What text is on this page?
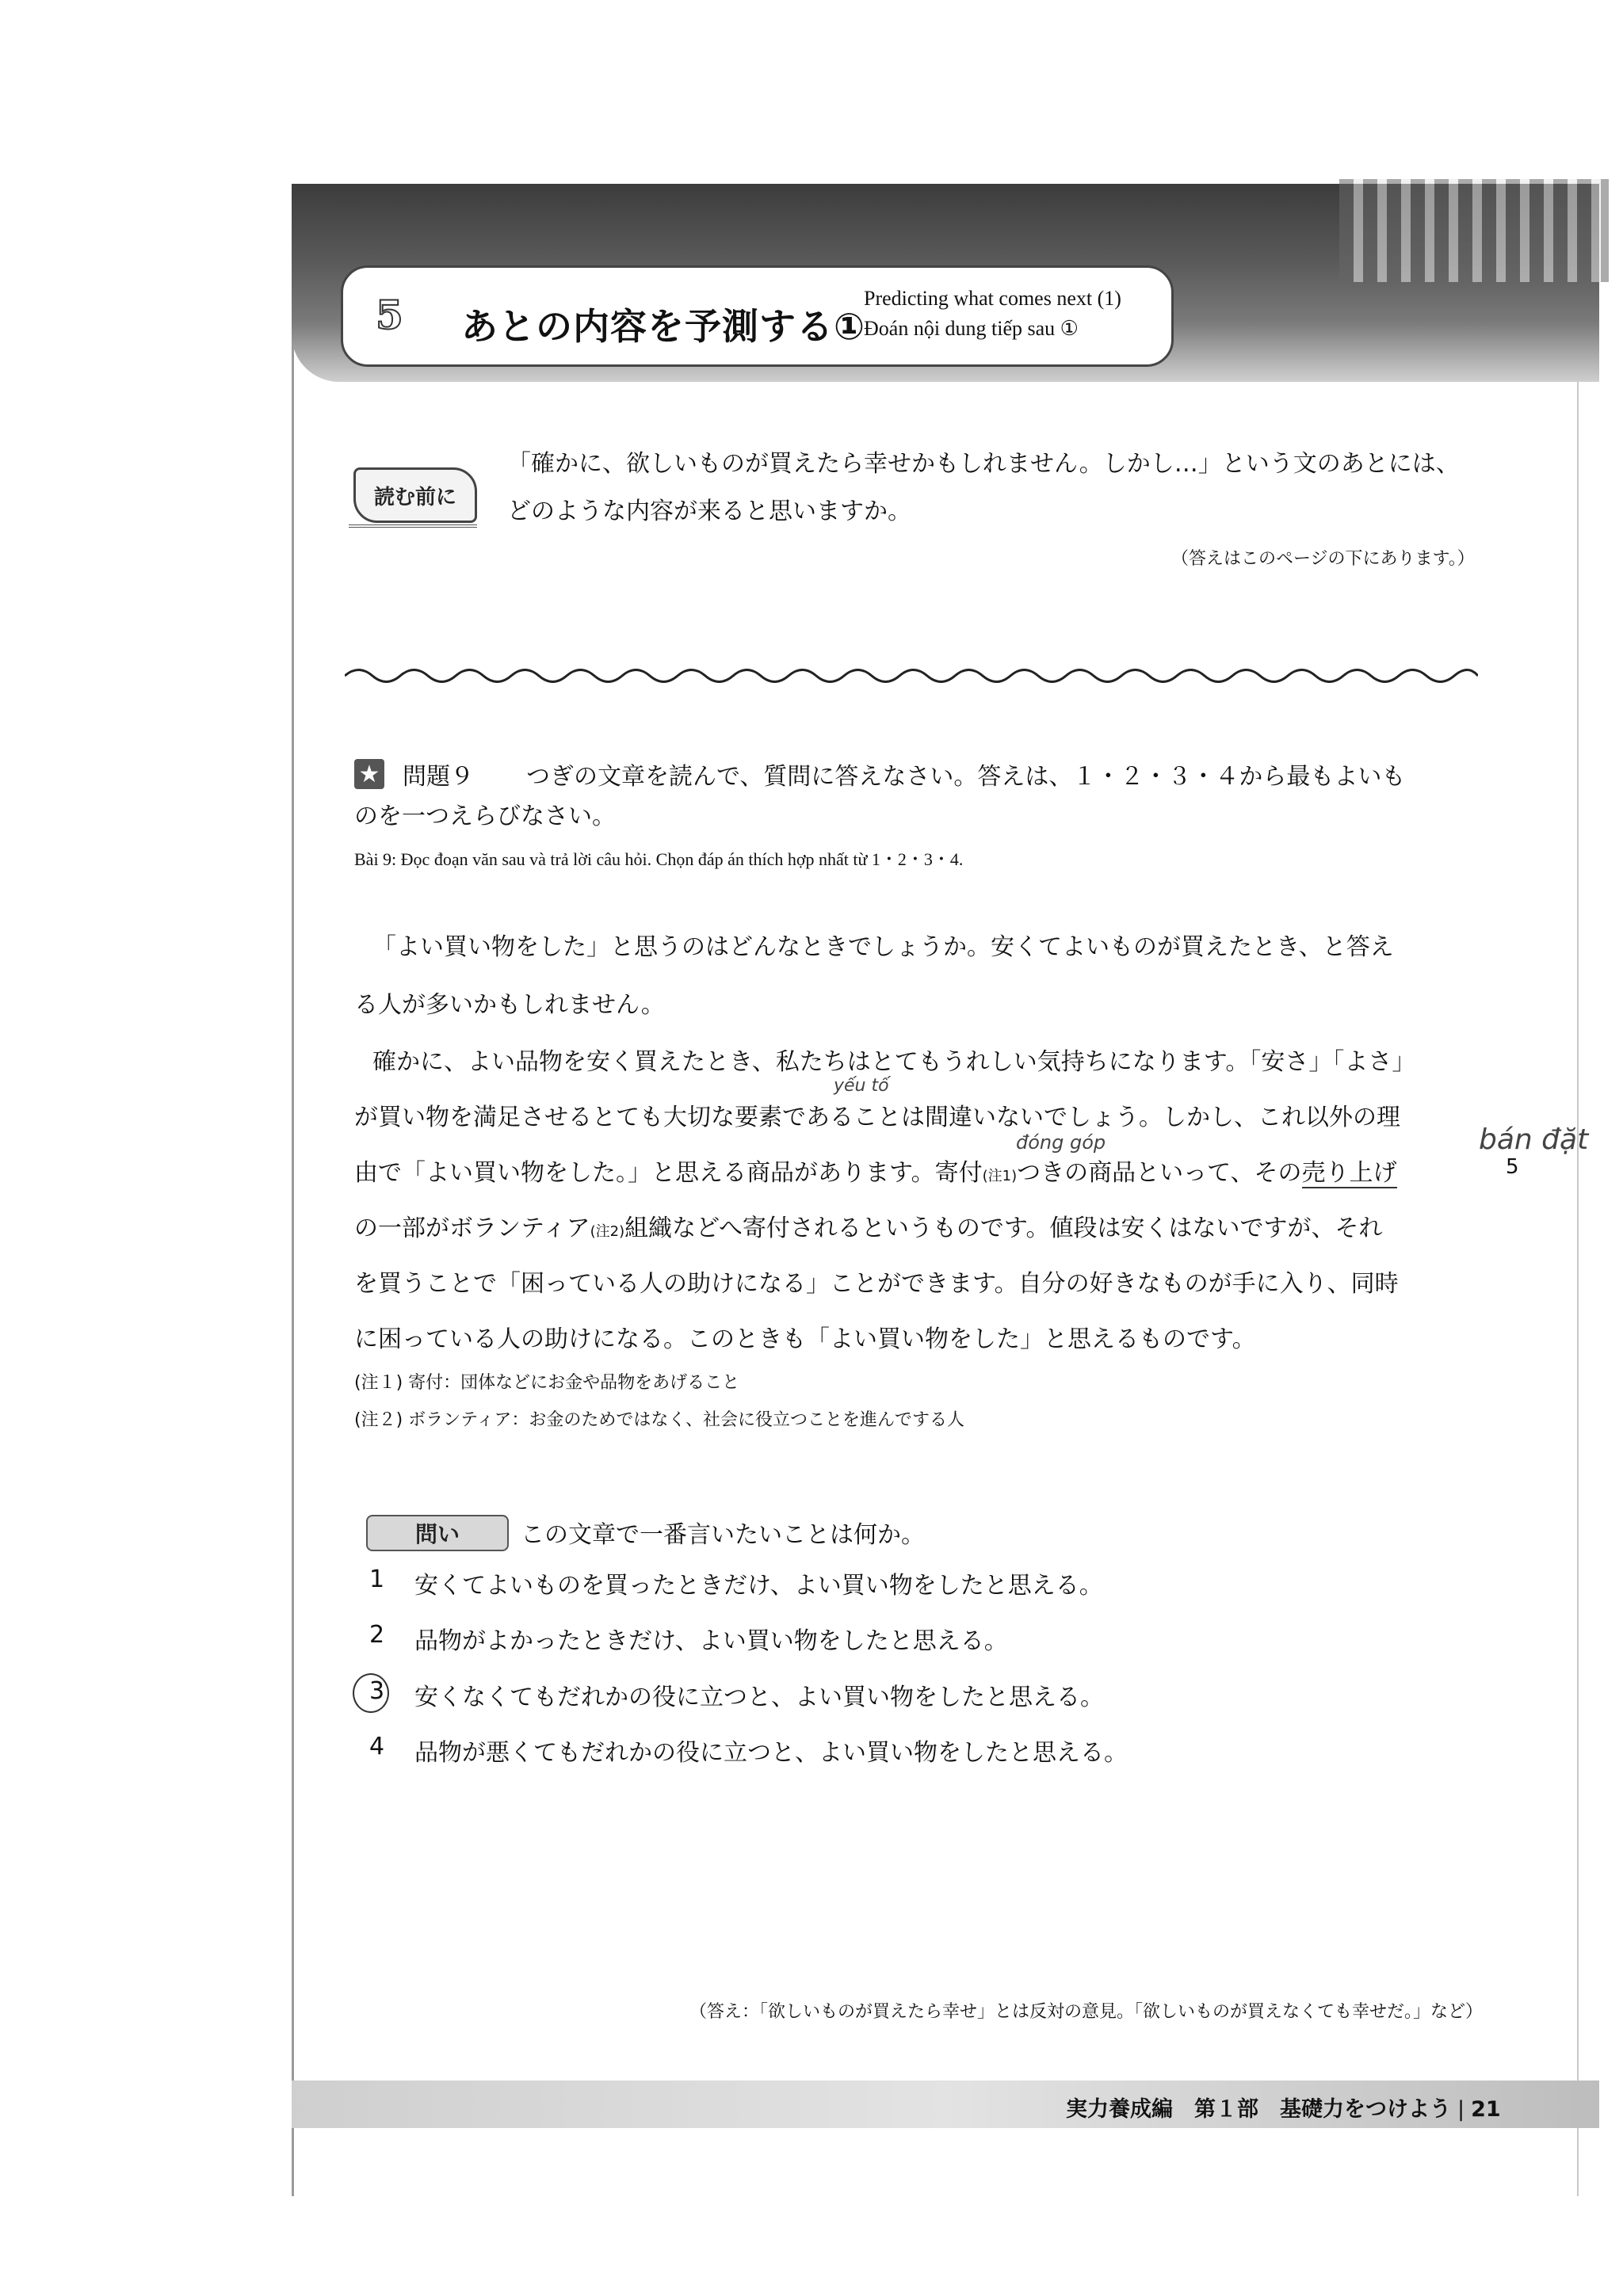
5 あとの内容を予測する①
Predicting what comes next (1)
Đoán nội dung tiếp sau ①
読む前に
「確かに、欲しいものが買えたら幸せかもしれません。しかし…」という文のあとには、
どのような内容が来ると思いますか。
（答えはこのページの下にあります。）
★ 問題９ つぎの文章を読んで、質問に答えなさい。答えは、１・２・３・４から最もよいも
のを一つえらびなさい。
Bài 9: Đọc đoạn văn sau và trả lời câu hỏi. Chọn đáp án thích hợp nhất từ 1・2・3・4.
「よい買い物をした」と思うのはどんなときでしょうか。安くてよいものが買えたとき、と答え
る人が多いかもしれません。
確かに、よい品物を安く買えたとき、私たちはとてもうれしい気持ちになります。「安さ」「よさ」
が買い物を満足させるとても大切な要素であることは間違いないでしょう。しかし、これ以外の理
由で「よい買い物をした。」と思える商品があります。寄付(注1)つきの商品といって、その売り上げ	5
の一部がボランティア(注2)組織などへ寄付されるというものです。値段は安くはないですが、それ
を買うことで「困っている人の助けになる」ことができます。自分の好きなものが手に入り、同時
に困っている人の助けになる。このときも「よい買い物をした」と思えるものです。
yếu tố
đóng góp	bán đặt
(注１) 寄付：団体などにお金や品物をあげること
(注２) ボランティア：お金のためではなく、社会に役立つことを進んでする人
問い	この文章で一番言いたいことは何か。
1 安くてよいものを買ったときだけ、よい買い物をしたと思える。
2 品物がよかったときだけ、よい買い物をしたと思える。
3 安くなくてもだれかの役に立つと、よい買い物をしたと思える。
4 品物が悪くてもだれかの役に立つと、よい買い物をしたと思える。
（答え：「欲しいものが買えたら幸せ」とは反対の意見。「欲しいものが買えなくても幸せだ。」など）
実力養成編　第１部　基礎力をつけよう | 21
